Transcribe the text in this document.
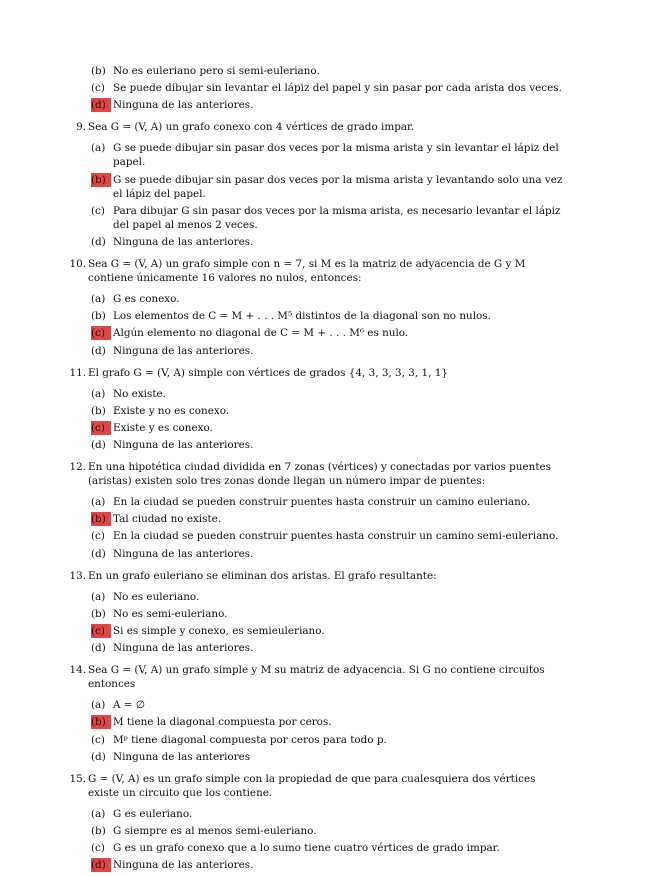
(b) No es euleriano pero si semi-euleriano.
(c) Se puede dibujar sin levantar el lápiz del papel y sin pasar por cada arista dos veces.
(d) Ninguna de las anteriores.
9. Sea G = (V, A) un grafo conexo con 4 vértices de grado impar.
(a) G se puede dibujar sin pasar dos veces por la misma arista y sin levantar el lápiz del papel.
(b) G se puede dibujar sin pasar dos veces por la misma arista y levantando solo una vez el lápiz del papel.
(c) Para dibujar G sin pasar dos veces por la misma arista, es necesario levantar el lápiz del papel al menos 2 veces.
(d) Ninguna de las anteriores.
10. Sea G = (V, A) un grafo simple con n = 7, si M es la matriz de adyacencia de G y M contiene únicamente 16 valores no nulos, entonces:
(a) G es conexo.
(b) Los elementos de C = M + . . . M⁵ distintos de la diagonal son no nulos.
(c) Algún elemento no diagonal de C = M + . . . M⁶ es nulo.
(d) Ninguna de las anteriores.
11. El grafo G = (V, A) simple con vértices de grados {4, 3, 3, 3, 3, 1, 1}
(a) No existe.
(b) Existe y no es conexo.
(c) Existe y es conexo.
(d) Ninguna de las anteriores.
12. En una hipotética ciudad dividida en 7 zonas (vértices) y conectadas por varios puentes (aristas) existen solo tres zonas donde llegan un número impar de puentes:
(a) En la ciudad se pueden construir puentes hasta construir un camino euleriano.
(b) Tal ciudad no existe.
(c) En la ciudad se pueden construir puentes hasta construir un camino semi-euleriano.
(d) Ninguna de las anteriores.
13. En un grafo euleriano se eliminan dos aristas. El grafo resultante:
(a) No es euleriano.
(b) No es semi-euleriano.
(c) Si es simple y conexo, es semieuleriano.
(d) Ninguna de las anteriores.
14. Sea G = (V, A) un grafo simple y M su matriz de adyacencia. Si G no contiene circuitos entonces
(a) A = ∅
(b) M tiene la diagonal compuesta por ceros.
(c) Mᵖ tiene diagonal compuesta por ceros para todo p.
(d) Ninguna de las anteriores
15. G = (V, A) es un grafo simple con la propiedad de que para cualesquiera dos vértices existe un circuito que los contiene.
(a) G es euleriano.
(b) G siempre es al menos semi-euleriano.
(c) G es un grafo conexo que a lo sumo tiene cuatro vértices de grado impar.
(d) Ninguna de las anteriores.
